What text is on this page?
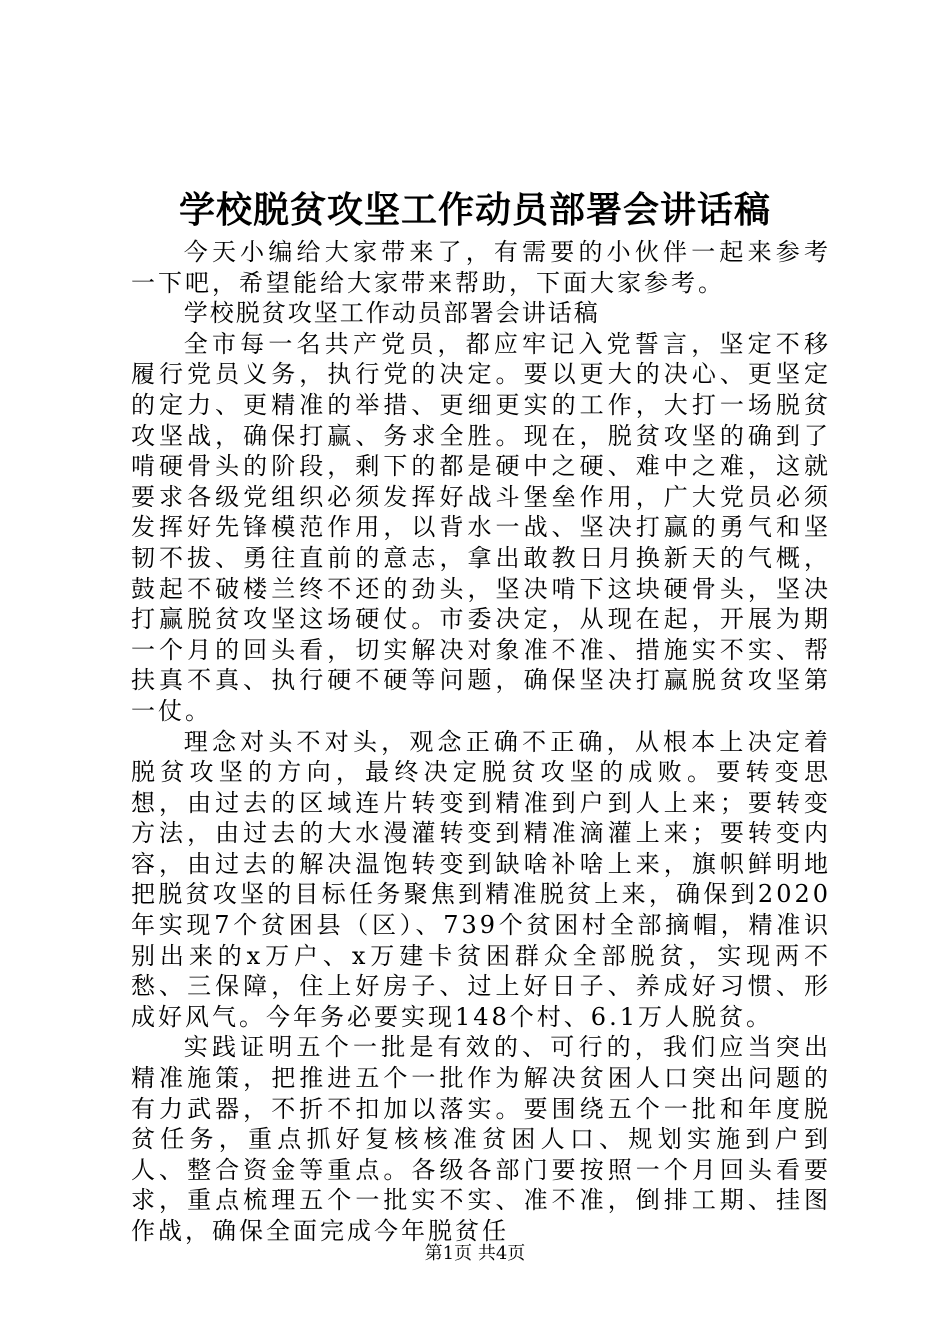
学校脱贫攻坚工作动员部署会讲话稿

今天小编给大家带来了，有需要的小伙伴一起来参考一下吧，希望能给大家带来帮助，下面大家参考。

学校脱贫攻坚工作动员部署会讲话稿

全市每一名共产党员，都应牢记入党誓言，坚定不移履行党员义务，执行党的决定。要以更大的决心、更坚定的定力、更精准的举措、更细更实的工作，大打一场脱贫攻坚战，确保打赢、务求全胜。现在，脱贫攻坚的确到了啃硬骨头的阶段，剩下的都是硬中之硬、难中之难，这就要求各级党组织必须发挥好战斗堡垒作用，广大党员必须发挥好先锋模范作用，以背水一战、坚决打赢的勇气和坚韧不拔、勇往直前的意志，拿出敢教日月换新天的气概，鼓起不破楼兰终不还的劲头，坚决啃下这块硬骨头，坚决打赢脱贫攻坚这场硬仗。市委决定，从现在起，开展为期一个月的回头看，切实解决对象准不准、措施实不实、帮扶真不真、执行硬不硬等问题，确保坚决打赢脱贫攻坚第一仗。

理念对头不对头，观念正确不正确，从根本上决定着脱贫攻坚的方向，最终决定脱贫攻坚的成败。要转变思想，由过去的区域连片转变到精准到户到人上来；要转变方法，由过去的大水漫灌转变到精准滴灌上来；要转变内容，由过去的解决温饱转变到缺啥补啥上来，旗帜鲜明地把脱贫攻坚的目标任务聚焦到精准脱贫上来，确保到2020年实现7个贫困县（区）、739个贫困村全部摘帽，精准识别出来的x万户、x万建卡贫困群众全部脱贫，实现两不愁、三保障，住上好房子、过上好日子、养成好习惯、形成好风气。今年务必要实现148个村、6.1万人脱贫。

实践证明五个一批是有效的、可行的，我们应当突出精准施策，把推进五个一批作为解决贫困人口突出问题的有力武器，不折不扣加以落实。要围绕五个一批和年度脱贫任务，重点抓好复核核准贫困人口、规划实施到户到人、整合资金等重点。各级各部门要按照一个月回头看要求，重点梳理五个一批实不实、准不准，倒排工期、挂图作战，确保全面完成今年脱贫任

第1页 共4页
